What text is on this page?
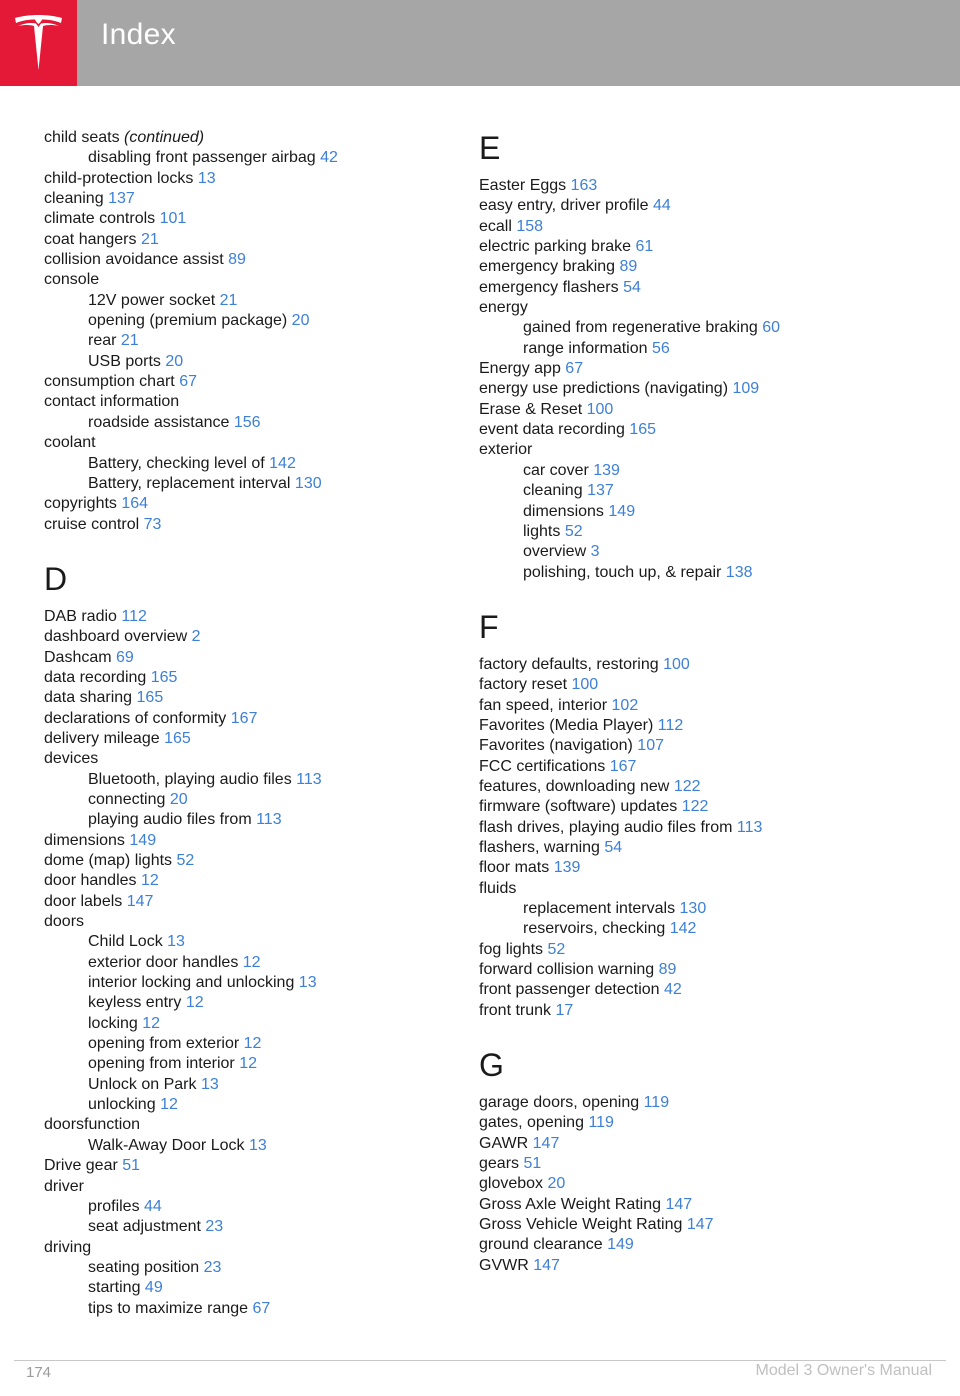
Index
child seats (continued)
disabling front passenger airbag 42
child-protection locks 13
cleaning 137
climate controls 101
coat hangers 21
collision avoidance assist 89
console
12V power socket 21
opening (premium package) 20
rear 21
USB ports 20
consumption chart 67
contact information
roadside assistance 156
coolant
Battery, checking level of 142
Battery, replacement interval 130
copyrights 164
cruise control 73
D
DAB radio 112
dashboard overview 2
Dashcam 69
data recording 165
data sharing 165
declarations of conformity 167
delivery mileage 165
devices
Bluetooth, playing audio files 113
connecting 20
playing audio files from 113
dimensions 149
dome (map) lights 52
door handles 12
door labels 147
doors
Child Lock 13
exterior door handles 12
interior locking and unlocking 13
keyless entry 12
locking 12
opening from exterior 12
opening from interior 12
Unlock on Park 13
unlocking 12
doorsfunction
Walk-Away Door Lock 13
Drive gear 51
driver
profiles 44
seat adjustment 23
driving
seating position 23
starting 49
tips to maximize range 67
E
Easter Eggs 163
easy entry, driver profile 44
ecall 158
electric parking brake 61
emergency braking 89
emergency flashers 54
energy
gained from regenerative braking 60
range information 56
Energy app 67
energy use predictions (navigating) 109
Erase & Reset 100
event data recording 165
exterior
car cover 139
cleaning 137
dimensions 149
lights 52
overview 3
polishing, touch up, & repair 138
F
factory defaults, restoring 100
factory reset 100
fan speed, interior 102
Favorites (Media Player) 112
Favorites (navigation) 107
FCC certifications 167
features, downloading new 122
firmware (software) updates 122
flash drives, playing audio files from 113
flashers, warning 54
floor mats 139
fluids
replacement intervals 130
reservoirs, checking 142
fog lights 52
forward collision warning 89
front passenger detection 42
front trunk 17
G
garage doors, opening 119
gates, opening 119
GAWR 147
gears 51
glovebox 20
Gross Axle Weight Rating 147
Gross Vehicle Weight Rating 147
ground clearance 149
GVWR 147
174	Model 3 Owner's Manual
